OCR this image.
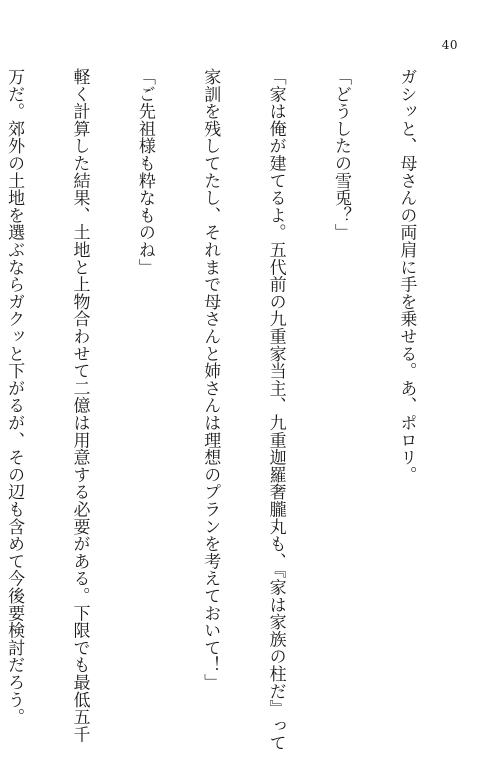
40

ガシッと、母さんの両肩に手を乗せる。あ、ポロリ。

「どうしたの雪兎？」

「家は俺が建てるよ。五代前の九重家当主、九重迦羅奢朧丸も、『家は家族の柱だ』って

家訓を残してたし、それまで母さんと姉さんは理想のプランを考えておいて！」

「ご先祖様も粋なものね」

軽く計算した結果、土地と上物合わせて二億は用意する必要がある。下限でも最低五千

万だ。郊外の土地を選ぶならガクッと下がるが、その辺も含めて今後要検討だろう。
